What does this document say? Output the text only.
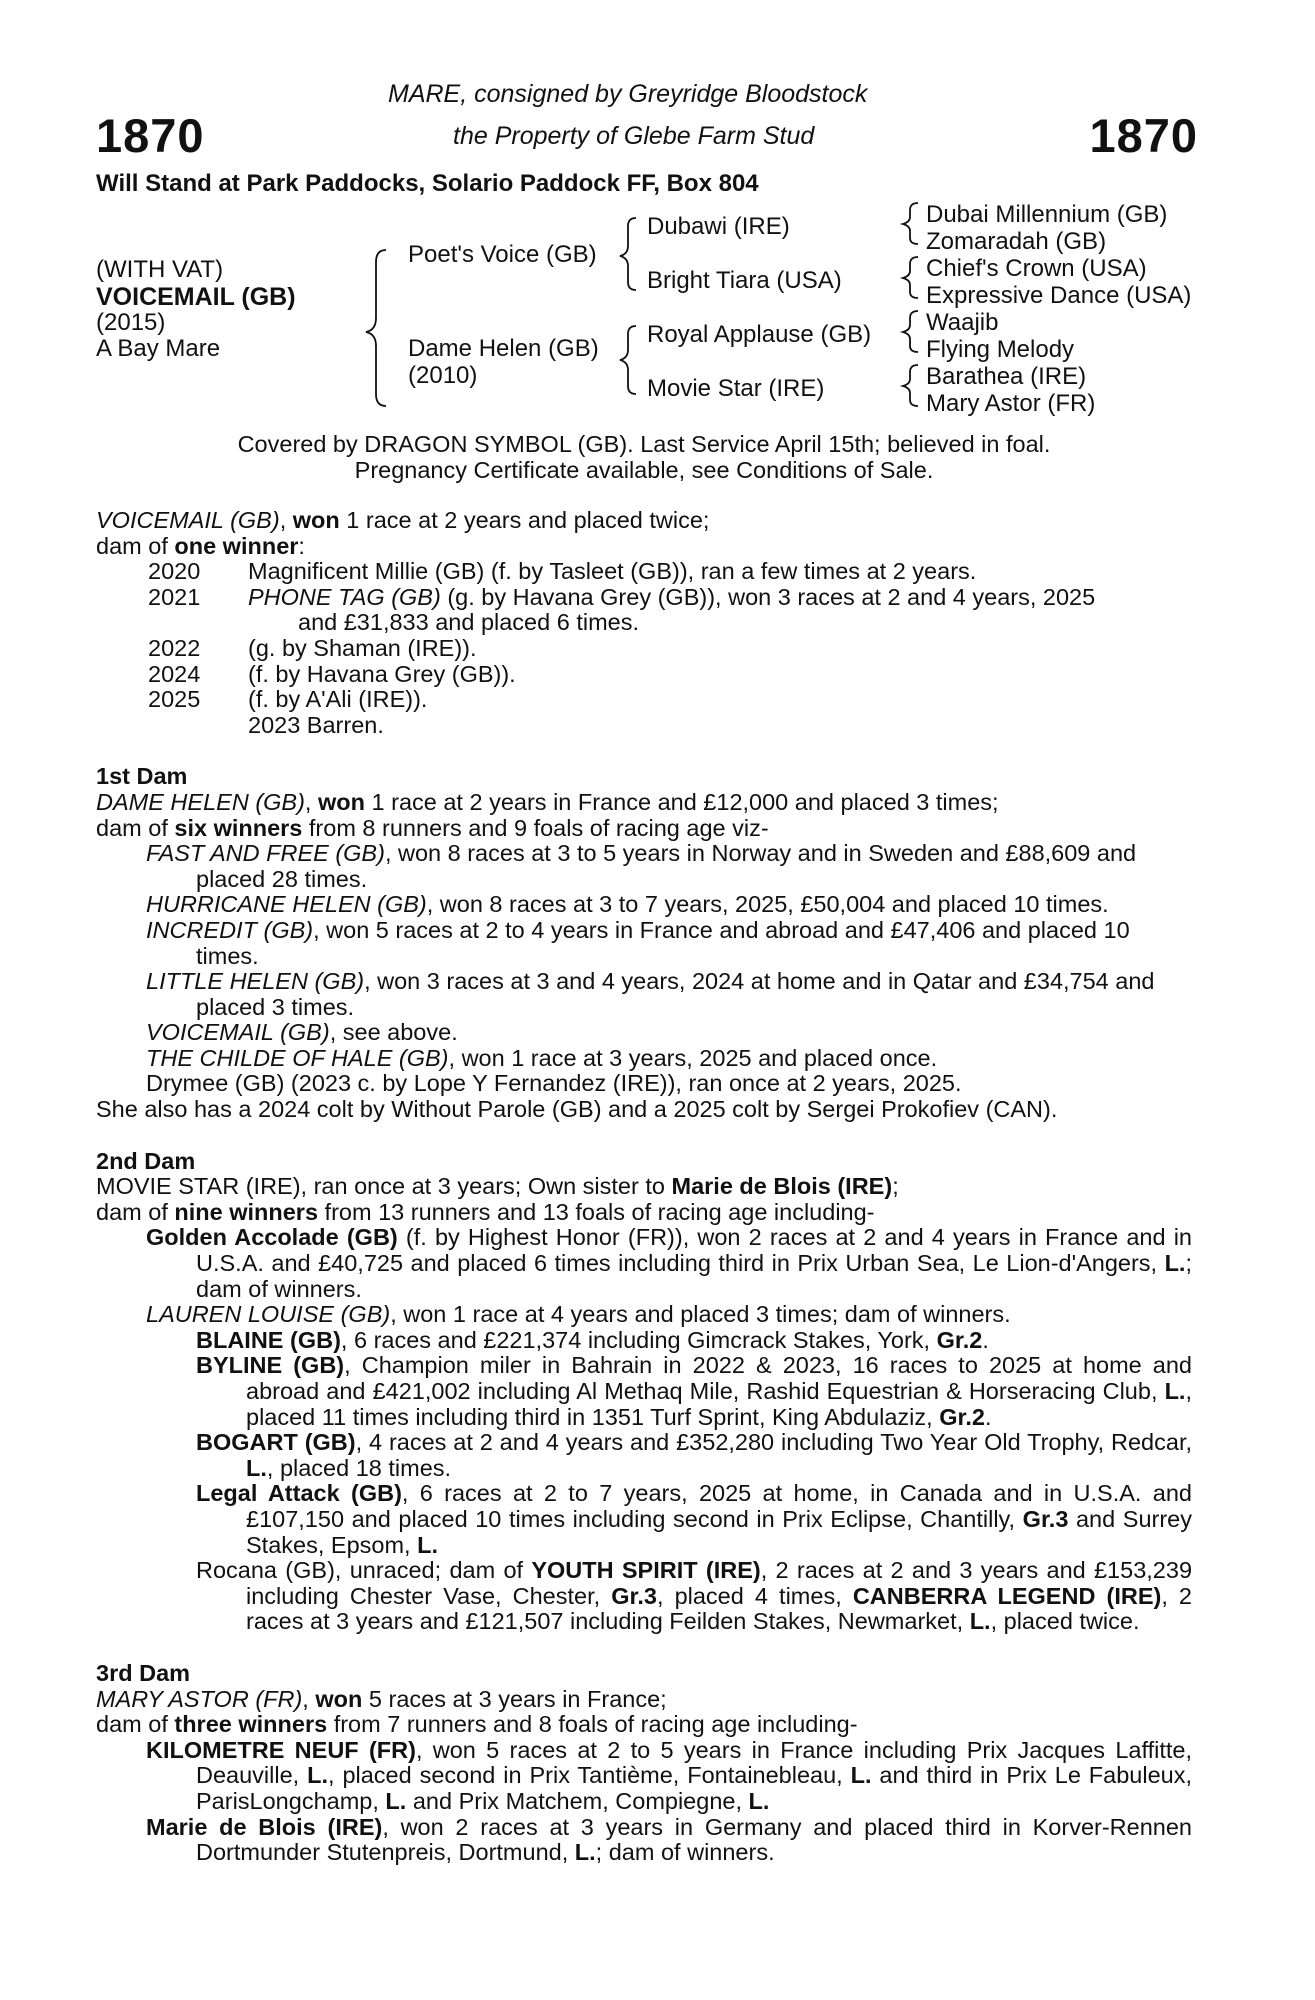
1870	1870
MARE, consigned by Greyridge Bloodstock
the Property of Glebe Farm Stud
Will Stand at Park Paddocks, Solario Paddock FF, Box 804
(WITH VAT)
VOICEMAIL (GB)
(2015)
A Bay Mare
Poet's Voice (GB)
Dame Helen (GB)
(2010)
Dubawi (IRE)
Bright Tiara (USA)
Royal Applause (GB)
Movie Star (IRE)
Dubai Millennium (GB)
Zomaradah (GB)
Chief's Crown (USA)
Expressive Dance (USA)
Waajib
Flying Melody
Barathea (IRE)
Mary Astor (FR)
Covered by DRAGON SYMBOL (GB). Last Service April 15th; believed in foal.
Pregnancy Certificate available, see Conditions of Sale.

VOICEMAIL (GB), won 1 race at 2 years and placed twice;

dam of one winner:

2020	Magnificent Millie (GB) (f. by Tasleet (GB)), ran a few times at 2 years.
2021	PHONE TAG (GB) (g. by Havana Grey (GB)), won 3 races at 2 and 4 years, 2025
and £31,833 and placed 6 times.
2022	(g. by Shaman (IRE)).
2024	(f. by Havana Grey (GB)).
2025	(f. by A'Ali (IRE)).
2023 Barren.

1st Dam

DAME HELEN (GB), won 1 race at 2 years in France and £12,000 and placed 3 times;

dam of six winners from 8 runners and 9 foals of racing age viz-

FAST AND FREE (GB), won 8 races at 3 to 5 years in Norway and in Sweden and £88,609 and placed 28 times.

HURRICANE HELEN (GB), won 8 races at 3 to 7 years, 2025, £50,004 and placed 10 times.

INCREDIT (GB), won 5 races at 2 to 4 years in France and abroad and £47,406 and placed 10 times.

LITTLE HELEN (GB), won 3 races at 3 and 4 years, 2024 at home and in Qatar and £34,754 and placed 3 times.

VOICEMAIL (GB), see above.

THE CHILDE OF HALE (GB), won 1 race at 3 years, 2025 and placed once.

Drymee (GB) (2023 c. by Lope Y Fernandez (IRE)), ran once at 2 years, 2025.

She also has a 2024 colt by Without Parole (GB) and a 2025 colt by Sergei Prokofiev (CAN).

2nd Dam

MOVIE STAR (IRE), ran once at 3 years; Own sister to Marie de Blois (IRE);

dam of nine winners from 13 runners and 13 foals of racing age including-

Golden Accolade (GB) (f. by Highest Honor (FR)), won 2 races at 2 and 4 years in France and in U.S.A. and £40,725 and placed 6 times including third in Prix Urban Sea, Le Lion-d'Angers, L.; dam of winners.

LAUREN LOUISE (GB), won 1 race at 4 years and placed 3 times; dam of winners.

BLAINE (GB), 6 races and £221,374 including Gimcrack Stakes, York, Gr.2.

BYLINE (GB), Champion miler in Bahrain in 2022 & 2023, 16 races to 2025 at home and abroad and £421,002 including Al Methaq Mile, Rashid Equestrian & Horseracing Club, L., placed 11 times including third in 1351 Turf Sprint, King Abdulaziz, Gr.2.

BOGART (GB), 4 races at 2 and 4 years and £352,280 including Two Year Old Trophy, Redcar, L., placed 18 times.

Legal Attack (GB), 6 races at 2 to 7 years, 2025 at home, in Canada and in U.S.A. and £107,150 and placed 10 times including second in Prix Eclipse, Chantilly, Gr.3 and Surrey Stakes, Epsom, L.

Rocana (GB), unraced; dam of YOUTH SPIRIT (IRE), 2 races at 2 and 3 years and £153,239 including Chester Vase, Chester, Gr.3, placed 4 times, CANBERRA LEGEND (IRE), 2 races at 3 years and £121,507 including Feilden Stakes, Newmarket, L., placed twice.

3rd Dam

MARY ASTOR (FR), won 5 races at 3 years in France;

dam of three winners from 7 runners and 8 foals of racing age including-

KILOMETRE NEUF (FR), won 5 races at 2 to 5 years in France including Prix Jacques Laffitte, Deauville, L., placed second in Prix Tantième, Fontainebleau, L. and third in Prix Le Fabuleux, ParisLongchamp, L. and Prix Matchem, Compiegne, L.

Marie de Blois (IRE), won 2 races at 3 years in Germany and placed third in Korver-Rennen Dortmunder Stutenpreis, Dortmund, L.; dam of winners.
